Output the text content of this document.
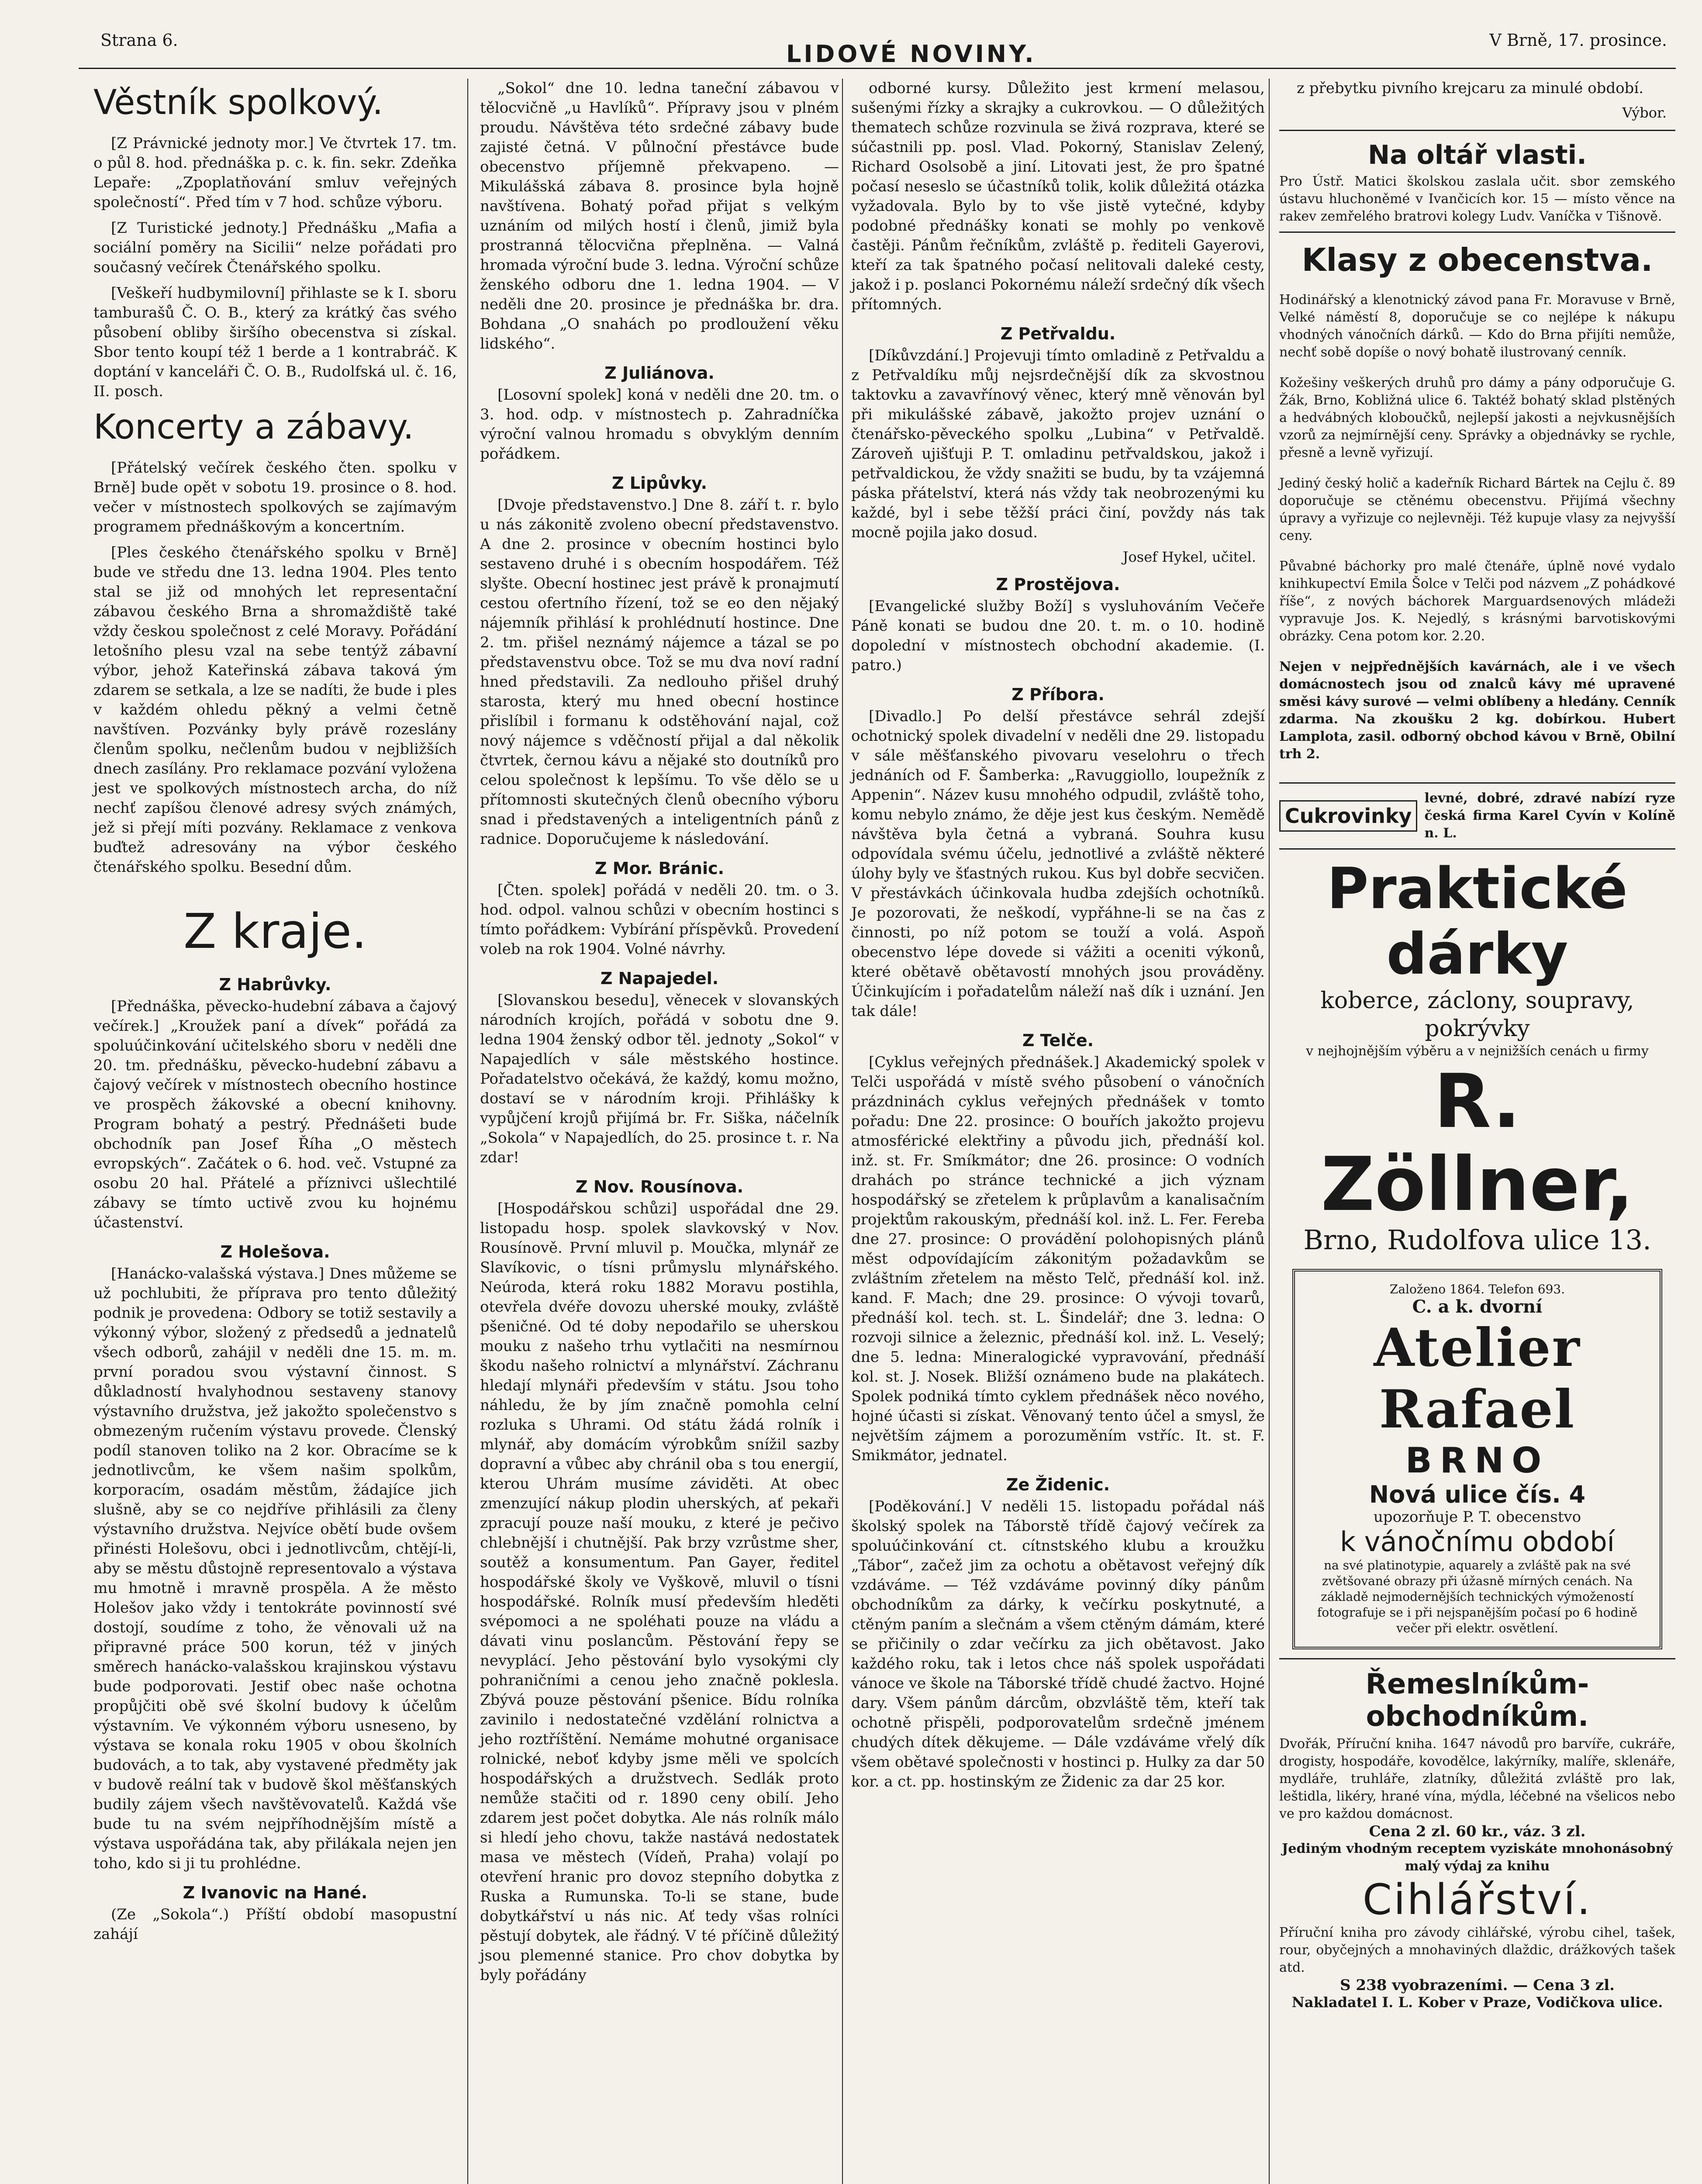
Strana 6.	LIDOVÉ NOVINY.	V Brně, 17. prosince.
Věstník spolkový.

[Z Právnické jednoty mor.] Ve čtvrtek 17. tm. o půl 8. hod. přednáška p. c. k. fin. sekr. Zdeňka Lepaře: „Zpoplatňování smluv veřejných společností“. Před tím v 7 hod. schůze výboru.

[Z Turistické jednoty.] Přednášku „Mafia a sociální poměry na Sicilii“ nelze pořádati pro současný večírek Čtenářského spolku.

[Veškeří hudbymilovní] přihlaste se k I. sboru tamburašů Č. O. B., který za krátký čas svého působení obliby širšího obecenstva si získal. Sbor tento koupí též 1 berde a 1 kontrabráč. K doptání v kanceláři Č. O. B., Rudolfská ul. č. 16, II. posch.

Koncerty a zábavy.

[Přátelský večírek českého čten. spolku v Brně] bude opět v sobotu 19. prosince o 8. hod. večer v místnostech spolkových se zajímavým programem přednáškovým a koncertním.

[Ples českého čtenářského spolku v Brně] bude ve středu dne 13. ledna 1904. Ples tento stal se již od mnohých let representační zábavou českého Brna a shromaždiště také vždy českou společnost z celé Moravy. Pořádání letošního plesu vzal na sebe tentýž zábavní výbor, jehož Kateřinská zábava taková ým zdarem se setkala, a lze se nadíti, že bude i ples v každém ohledu pěkný a velmi četně navštíven. Pozvánky byly právě rozeslány členům spolku, nečlenům budou v nejbližších dnech zasílány. Pro reklamace pozvání vyložena jest ve spolkových místnostech archa, do níž nechť zapíšou členové adresy svých známých, jež si přejí míti pozvány. Reklamace z venkova buďtež adresovány na výbor českého čtenářského spolku. Besední dům.

Z kraje.
Z Habrůvky.

[Přednáška, pěvecko-hudební zábava a čajový večírek.] „Kroužek paní a dívek“ pořádá za spoluúčinkování učitelského sboru v neděli dne 20. tm. přednášku, pěvecko-hudební zábavu a čajový večírek v místnostech obecního hostince ve prospěch žákovské a obecní knihovny. Program bohatý a pestrý. Přednášeti bude obchodník pan Josef Říha „O městech evropských“. Začátek o 6. hod. več. Vstupné za osobu 20 hal. Přátelé a příznivci ušlechtilé zábavy se tímto uctivě zvou ku hojnému účastenství.

Z Holešova.

[Hanácko-valašská výstava.] Dnes můžeme se už pochlubiti, že příprava pro tento důležitý podnik je provedena: Odbory se totiž sestavily a výkonný výbor, složený z předsedů a jednatelů všech odborů, zahájil v neděli dne 15. m. m. první poradou svou výstavní činnost. S důkladností hvalyhodnou sestaveny stanovy výstavního družstva, jež jakožto společenstvo s obmezeným ručením výstavu provede. Členský podíl stanoven toliko na 2 kor. Obracíme se k jednotlivcům, ke všem našim spolkům, korporacím, osadám městům, žádajíce jich slušně, aby se co nejdříve přihlásili za členy výstavního družstva. Nejvíce obětí bude ovšem přinésti Holešovu, obci i jednotlivcům, chtějí-li, aby se městu důstojně representovalo a výstava mu hmotně i mravně prospěla. A že město Holešov jako vždy i tentokráte povinností své dostojí, soudíme z toho, že věnovali už na připravné práce 500 korun, též v jiných směrech hanácko-valašskou krajinskou výstavu bude podporovati. Jestif obec naše ochotna propůjčiti obě své školní budovy k účelům výstavním. Ve výkonném výboru usneseno, by výstava se konala roku 1905 v obou školních budovách, a to tak, aby vystavené předměty jak v budově reální tak v budově škol měšťanských budily zájem všech navštěvovatelů. Každá vše bude tu na svém nejpříhodnějším místě a výstava uspořádána tak, aby přilákala nejen jen toho, kdo si ji tu prohlédne.

Z Ivanovic na Hané.

(Ze „Sokola“.) Příští období masopustní zahájí

„Sokol“ dne 10. ledna taneční zábavou v tělocvičně „u Havlíků“. Přípravy jsou v plném proudu. Návštěva této srdečné zábavy bude zajisté četná. V půlnoční přestávce bude obecenstvo příjemně překvapeno. — Mikulášská zábava 8. prosince byla hojně navštívena. Bohatý pořad přijat s velkým uznáním od milých hostí i členů, jimiž byla prostranná tělocvična přeplněna. — Valná hromada výroční bude 3. ledna. Výroční schůze ženského odboru dne 1. ledna 1904. — V neděli dne 20. prosince je přednáška br. dra. Bohdana „O snahách po prodloužení věku lidského“.

Z Juliánova.

[Losovní spolek] koná v neděli dne 20. tm. o 3. hod. odp. v místnostech p. Zahradníčka výroční valnou hromadu s obvyklým denním pořádkem.

Z Lipůvky.

[Dvoje představenstvo.] Dne 8. září t. r. bylo u nás zákonitě zvoleno obecní představenstvo. A dne 2. prosince v obecním hostinci bylo sestaveno druhé i s obecním hospodářem. Též slyšte. Obecní hostinec jest právě k pronajmutí cestou ofertního řízení, tož se eo den nějaký nájemník přihlásí k prohlédnutí hostince. Dne 2. tm. přišel neznámý nájemce a tázal se po představenstvu obce. Tož se mu dva noví radní hned představili. Za nedlouho přišel druhý starosta, který mu hned obecní hostince přislíbil i formanu k odstěhování najal, což nový nájemce s vděčností přijal a dal několik čtvrtek, černou kávu a nějaké sto doutníků pro celou společnost k lepšímu. To vše dělo se u přítomnosti skutečných členů obecního výboru snad i představených a inteligentních pánů z radnice. Doporučujeme k následování.

Z Mor. Bránic.

[Čten. spolek] pořádá v neděli 20. tm. o 3. hod. odpol. valnou schůzi v obecním hostinci s tímto pořádkem: Vybírání příspěvků. Provedení voleb na rok 1904. Volné návrhy.

Z Napajedel.

[Slovanskou besedu], věnecek v slovanských národních krojích, pořádá v sobotu dne 9. ledna 1904 ženský odbor těl. jednoty „Sokol“ v Napajedlích v sále městského hostince. Pořadatelstvo očekává, že každý, komu možno, dostaví se v národním kroji. Přihlášky k vypůjčení krojů přijímá br. Fr. Siška, náčelník „Sokola“ v Napajedlích, do 25. prosince t. r. Na zdar!

Z Nov. Rousínova.

[Hospodářskou schůzi] uspořádal dne 29. listopadu hosp. spolek slavkovský v Nov. Rousínově. První mluvil p. Moučka, mlynář ze Slavíkovic, o tísni průmyslu mlynářského. Neúroda, která roku 1882 Moravu postihla, otevřela dvéře dovozu uherské mouky, zvláště pšeničné. Od té doby nepodařilo se uherskou mouku z našeho trhu vytlačiti na nesmírnou škodu našeho rolnictví a mlynářství. Záchranu hledají mlynáři především v státu. Jsou toho náhledu, že by jím značně pomohla celní rozluka s Uhrami. Od státu žádá rolník i mlynář, aby domácím výrobkům snížil sazby dopravní a vůbec aby chránil oba s tou energií, kterou Uhrám musíme záviděti. At obec zmenzující nákup plodin uherských, ať pekaři zpracují pouze naší mouku, z které je pečivo chlebnější i chutnější. Pak brzy vzrůstme sher, soutěž a konsumentum. Pan Gayer, ředitel hospodářské školy ve Vyškově, mluvil o tísni hospodářské. Rolník musí především hleděti svépomoci a ne spoléhati pouze na vládu a dávati vinu poslancům. Pěstování řepy se nevyplácí. Jeho pěstování bylo vysokými cly pohraničními a cenou jeho značně poklesla. Zbývá pouze pěstování pšenice. Bídu rolníka zavinilo i nedostatečné vzdělání rolnictva a jeho roztříštění. Nemáme mohutné organisace rolnické, neboť kdyby jsme měli ve spolcích hospodářských a družstvech. Sedlák proto nemůže stačiti od r. 1890 ceny obilí. Jeho zdarem jest počet dobytka. Ale nás rolník málo si hledí jeho chovu, takže nastává nedostatek masa ve městech (Vídeň, Praha) volají po otevření hranic pro dovoz stepního dobytka z Ruska a Rumunska. To-li se stane, bude dobytkářství u nás nic. Ať tedy všas rolníci pěstují dobytek, ale řádný. V té příčině důležitý jsou plemenné stanice. Pro chov dobytka by byly pořádány

odborné kursy. Důležito jest krmení melasou, sušenými řízky a skrajky a cukrovkou. — O důležitých thematech schůze rozvinula se živá rozprava, které se súčastnili pp. posl. Vlad. Pokorný, Stanislav Zelený, Richard Osolsobě a jiní. Litovati jest, že pro špatné počasí neseslo se účastníků tolik, kolik důležitá otázka vyžadovala. Bylo by to vše jistě vytečné, kdyby podobné přednášky konati se mohly po venkově častěji. Pánům řečníkům, zvláště p. řediteli Gayerovi, kteří za tak špatného počasí nelitovali daleké cesty, jakož i p. poslanci Pokornému náleží srdečný dík všech přítomných.

Z Petřvaldu.

[Díkůvzdání.] Projevuji tímto omladině z Petřvaldu a z Petřvaldíku můj nejsrdečnější dík za skvostnou taktovku a zavavřínový věnec, který mně věnován byl při mikulášské zábavě, jakožto projev uznání o čtenářsko-pěveckého spolku „Lubina“ v Petřvaldě. Zároveň ujišťuji P. T. omladinu petřvaldskou, jakož i petřvaldickou, že vždy snažiti se budu, by ta vzájemná páska přátelství, která nás vždy tak neobrozenými ku každé, byl i sebe těžší práci činí, povždy nás tak mocně pojila jako dosud.

Josef Hykel, učitel.
Z Prostějova.

[Evangelické služby Boží] s vysluhováním Večeře Páně konati se budou dne 20. t. m. o 10. hodině dopolední v místnostech obchodní akademie. (I. patro.)

Z Příbora.

[Divadlo.] Po delší přestávce sehrál zdejší ochotnický spolek divadelní v neděli dne 29. listopadu v sále měšťanského pivovaru veselohru o třech jednáních od F. Šamberka: „Ravuggiollo, loupežník z Appenin“. Název kusu mnohého odpudil, zvláště toho, komu nebylo známo, že děje jest kus českým. Nemědě návštěva byla četná a vybraná. Souhra kusu odpovídala svému účelu, jednotlivé a zvláště některé úlohy byly ve šťastných rukou. Kus byl dobře secvičen. V přestávkách účinkovala hudba zdejších ochotníků. Je pozorovati, že neškodí, vypřáhne-li se na čas z činnosti, po níž potom se touží a volá. Aspoň obecenstvo lépe dovede si vážiti a oceniti výkonů, které obětavě obětavostí mnohých jsou prováděny. Účinkujícím i pořadatelům náleží naš dík i uznání. Jen tak dále!

Z Telče.

[Cyklus veřejných přednášek.] Akademický spolek v Telči uspořádá v místě svého působení o vánočních prázdninách cyklus veřejných přednášek v tomto pořadu: Dne 22. prosince: O bouřích jakožto projevu atmosférické elektřiny a původu jich, přednáší kol. inž. st. Fr. Smíkmátor; dne 26. prosince: O vodních drahách po stránce technické a jich význam hospodářský se zřetelem k průplavům a kanalisačním projektům rakouským, přednáší kol. inž. L. Fer. Fereba dne 27. prosince: O provádění polohopisných plánů měst odpovídajícím zákonitým požadavkům se zvláštním zřetelem na město Telč, přednáší kol. inž. kand. F. Mach; dne 29. prosince: O vývoji tovarů, přednáší kol. tech. st. L. Šindelář; dne 3. ledna: O rozvoji silnice a železnic, přednáší kol. inž. L. Veselý; dne 5. ledna: Mineralogické vypravování, přednáší kol. st. J. Nosek. Bližší oznámeno bude na plakátech. Spolek podniká tímto cyklem přednášek něco nového, hojné účasti si získat. Věnovaný tento účel a smysl, že největším zájmem a porozuměním vstříc. It. st. F. Smikmátor, jednatel.

Ze Židenic.

[Poděkování.] V neděli 15. listopadu pořádal náš školský spolek na Táborstě třídě čajový večírek za spoluúčinkování ct. cítnstského klubu a kroužku „Tábor“, začež jim za ochotu a obětavost veřejný dík vzdáváme. — Též vzdáváme povinný díky pánům obchodníkům za dárky, k večírku poskytnuté, a ctěným paním a slečnám a všem ctěným dámám, které se přičinily o zdar večírku za jich obětavost. Jako každého roku, tak i letos chce náš spolek uspořádati vánoce ve škole na Táborské třídě chudé žactvo. Hojné dary. Všem pánům dárcům, obzvláště těm, kteří tak ochotně přispěli, podporovatelům srdečně jménem chudých dítek děkujeme. — Dále vzdáváme vřelý dík všem obětavé společnosti v hostinci p. Hulky za dar 50 kor. a ct. pp. hostinským ze Židenic za dar 25 kor.

z přebytku pivního krejcaru za minulé období.

Výbor.
Na oltář vlasti.
Pro Ústř. Matici školskou zaslala učit. sbor zemského ústavu hluchoněmé v Ivančicích kor. 15 — místo věnce na rakev zemřelého bratrovi kolegy Ludv. Vaníčka v Tišnově.
Klasy z obecenstva.

Hodinářský a klenotnický závod pana Fr. Moravuse v Brně, Velké náměstí 8, doporučuje se co nejlépe k nákupu vhodných vánočních dárků. — Kdo do Brna přijíti nemůže, nechť sobě dopíše o nový bohatě ilustrovaný cenník.

Kožešiny veškerých druhů pro dámy a pány odporučuje G. Žák, Brno, Kobližná ulice 6. Taktéž bohatý sklad plstěných a hedvábných kloboučků, nejlepší jakosti a nejvkusnějších vzorů za nejmírnější ceny. Správky a objednávky se rychle, přesně a levně vyřizují.

Jediný český holič a kadeřník Richard Bártek na Cejlu č. 89 doporučuje se ctěnému obecenstvu. Přijímá všechny úpravy a vyřizuje co nejlevněji. Též kupuje vlasy za nejvyšší ceny.

Půvabné báchorky pro malé čtenáře, úplně nové vydalo knihkupectví Emila Šolce v Telči pod názvem „Z pohádkové říše“, z nových báchorek Marguardsenových mládeži vypravuje Jos. K. Nejedlý, s krásnými barvotiskovými obrázky. Cena potom kor. 2.20.

Nejen v nejpřednějších kavárnách, ale i ve všech domácnostech jsou od znalců kávy mé upravené směsi kávy surové — velmi oblíbeny a hledány. Cenník zdarma. Na zkoušku 2 kg. dobírkou. Hubert Lamplota, zasil. odborný obchod kávou v Brně, Obilní trh 2.

Cukrovinky
levné, dobré, zdravé nabízí ryze česká firma Karel Cyvín v Kolíně n. L.
Praktické dárky
koberce, záclony, soupravy, pokrývky
v nejhojnějším výběru a v nejnižších cenách u firmy
R. Zöllner,
Brno, Rudolfova ulice 13.
Založeno 1864. Telefon 693.
C. a k. dvorní
Atelier Rafael
BRNO
Nová ulice čís. 4
upozorňuje P. T. obecenstvo
k vánočnímu období
na své platinotypie, aquarely a zvláště pak na své zvětšované obrazy při úžasně mírných cenách. Na základě nejmodernějších technických výmožeností fotografuje se i při nejspanějším počasí po 6 hodině večer při elektr. osvětlení.
Řemeslníkům-obchodníkům.
Dvořák, Příruční kniha. 1647 návodů pro barvíře, cukráře, drogisty, hospodáře, kovodělce, lakýrníky, malíře, sklenáře, mydláře, truhláře, zlatníky, důležitá zvláště pro lak, leštidla, likéry, hrané vína, mýdla, léčebné na všelicos nebo ve pro každou domácnost.
Cena 2 zl. 60 kr., váz. 3 zl.
Jediným vhodným receptem vyziskáte mnohonásobný malý výdaj za knihu
Cihlářství.
Příruční kniha pro závody cihlářské, výrobu cihel, tašek, rour, obyčejných a mnohaviných dlaždic, drážkových tašek atd.
S 238 vyobrazeními. — Cena 3 zl.
Nakladatel I. L. Kober v Praze, Vodičkova ulice.
